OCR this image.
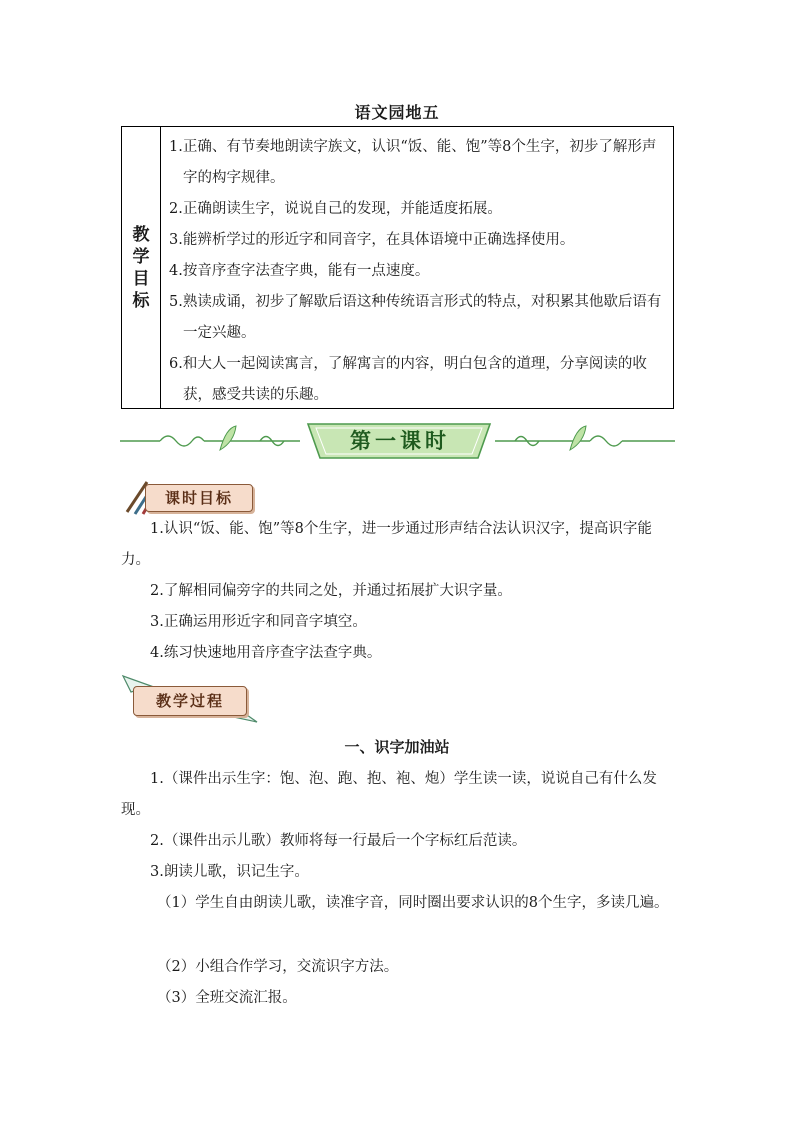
语文园地五
教
学
目
标
1.正确、有节奏地朗读字族文，认识“饭、能、饱”等8个生字，初步了解形声字的构字规律。
2.正确朗读生字，说说自己的发现，并能适度拓展。
3.能辨析学过的形近字和同音字，在具体语境中正确选择使用。
4.按音序查字法查字典，能有一点速度。
5.熟读成诵，初步了解歇后语这种传统语言形式的特点，对积累其他歇后语有一定兴趣。
6.和大人一起阅读寓言，了解寓言的内容，明白包含的道理，分享阅读的收获，感受共读的乐趣。
第一课时
课时目标
1.认识“饭、能、饱”等8个生字，进一步通过形声结合法认识汉字，提高识字能力。
2.了解相同偏旁字的共同之处，并通过拓展扩大识字量。
3.正确运用形近字和同音字填空。
4.练习快速地用音序查字法查字典。
教学过程
一、识字加油站
1.（课件出示生字：饱、泡、跑、抱、袍、炮）学生读一读，说说自己有什么发现。
2.（课件出示儿歌）教师将每一行最后一个字标红后范读。
3.朗读儿歌，识记生字。
（1）学生自由朗读儿歌，读准字音，同时圈出要求认识的8个生字，多读几遍。
（2）小组合作学习，交流识字方法。
（3）全班交流汇报。
